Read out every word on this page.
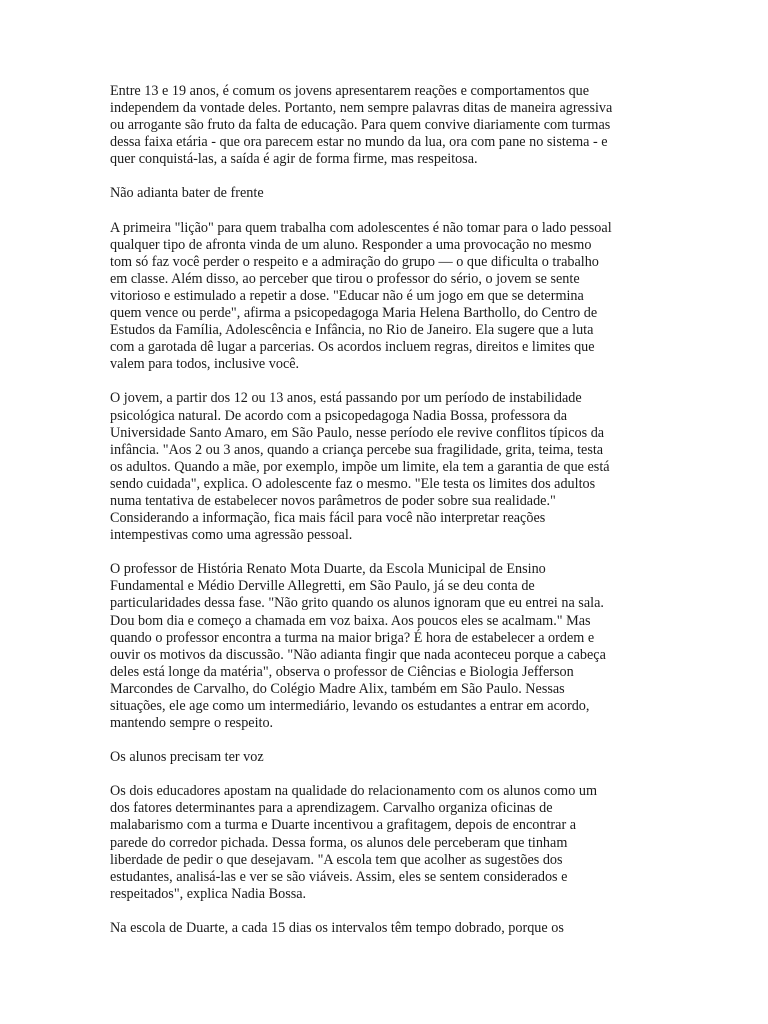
Entre 13 e 19 anos, é comum os jovens apresentarem reações e comportamentos que
independem da vontade deles. Portanto, nem sempre palavras ditas de maneira agressiva
ou arrogante são fruto da falta de educação. Para quem convive diariamente com turmas
dessa faixa etária - que ora parecem estar no mundo da lua, ora com pane no sistema - e
quer conquistá-las, a saída é agir de forma firme, mas respeitosa.

Não adianta bater de frente

A primeira "lição" para quem trabalha com adolescentes é não tomar para o lado pessoal
qualquer tipo de afronta vinda de um aluno. Responder a uma provocação no mesmo
tom só faz você perder o respeito e a admiração do grupo — o que dificulta o trabalho
em classe. Além disso, ao perceber que tirou o professor do sério, o jovem se sente
vitorioso e estimulado a repetir a dose. "Educar não é um jogo em que se determina
quem vence ou perde", afirma a psicopedagoga Maria Helena Barthollo, do Centro de
Estudos da Família, Adolescência e Infância, no Rio de Janeiro. Ela sugere que a luta
com a garotada dê lugar a parcerias. Os acordos incluem regras, direitos e limites que
valem para todos, inclusive você.

O jovem, a partir dos 12 ou 13 anos, está passando por um período de instabilidade
psicológica natural. De acordo com a psicopedagoga Nadia Bossa, professora da
Universidade Santo Amaro, em São Paulo, nesse período ele revive conflitos típicos da
infância. "Aos 2 ou 3 anos, quando a criança percebe sua fragilidade, grita, teima, testa
os adultos. Quando a mãe, por exemplo, impõe um limite, ela tem a garantia de que está
sendo cuidada", explica. O adolescente faz o mesmo. "Ele testa os limites dos adultos
numa tentativa de estabelecer novos parâmetros de poder sobre sua realidade."
Considerando a informação, fica mais fácil para você não interpretar reações
intempestivas como uma agressão pessoal.

O professor de História Renato Mota Duarte, da Escola Municipal de Ensino
Fundamental e Médio Derville Allegretti, em São Paulo, já se deu conta de
particularidades dessa fase. "Não grito quando os alunos ignoram que eu entrei na sala.
Dou bom dia e começo a chamada em voz baixa. Aos poucos eles se acalmam." Mas
quando o professor encontra a turma na maior briga? É hora de estabelecer a ordem e
ouvir os motivos da discussão. "Não adianta fingir que nada aconteceu porque a cabeça
deles está longe da matéria", observa o professor de Ciências e Biologia Jefferson
Marcondes de Carvalho, do Colégio Madre Alix, também em São Paulo. Nessas
situações, ele age como um intermediário, levando os estudantes a entrar em acordo,
mantendo sempre o respeito.

Os alunos precisam ter voz

Os dois educadores apostam na qualidade do relacionamento com os alunos como um
dos fatores determinantes para a aprendizagem. Carvalho organiza oficinas de
malabarismo com a turma e Duarte incentivou a grafitagem, depois de encontrar a
parede do corredor pichada. Dessa forma, os alunos dele perceberam que tinham
liberdade de pedir o que desejavam. "A escola tem que acolher as sugestões dos
estudantes, analisá-las e ver se são viáveis. Assim, eles se sentem considerados e
respeitados", explica Nadia Bossa.

Na escola de Duarte, a cada 15 dias os intervalos têm tempo dobrado, porque os
